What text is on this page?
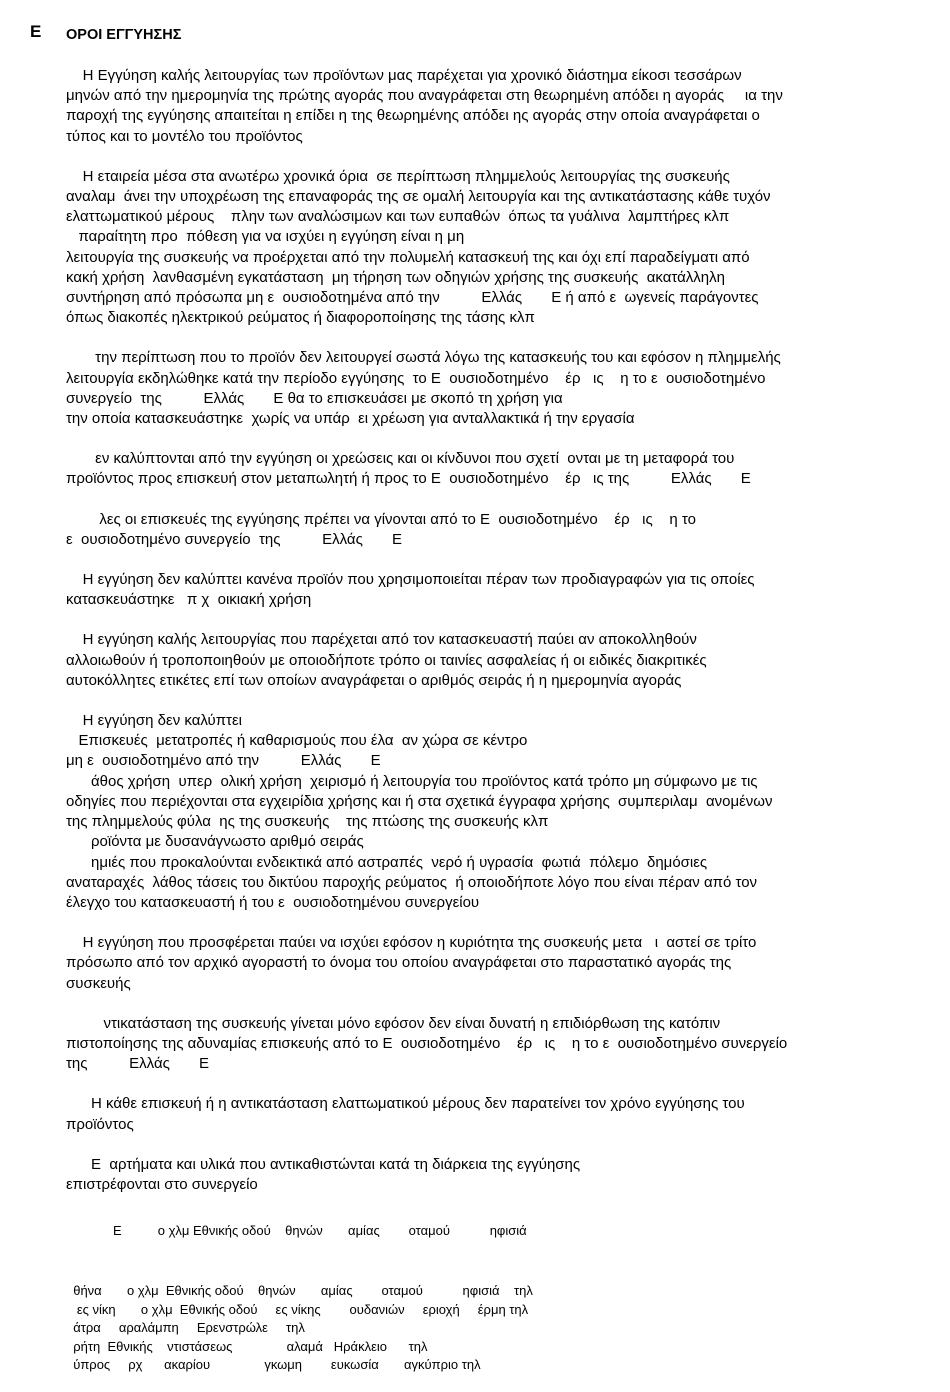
Ε ΟΡΟΙ ΕΓΓΥΗΣΗΣ

Η Εγγύηση καλής λειτουργίας των προϊόντων μας παρέχεται για χρονικό διάστημα είκοσι τεσσάρων

μηνών από την ημερομηνία της πρώτης αγοράς που αναγράφεται στη θεωρημένη απόδει η αγοράς     ια την

παροχή της εγγύησης απαιτείται η επίδει η της θεωρημένης απόδει ης αγοράς στην οποία αναγράφεται ο

τύπος και το μοντέλο του προϊόντος

Η εταιρεία μέσα στα ανωτέρω χρονικά όρια  σε περίπτωση πλημμελούς λειτουργίας της συσκευής

αναλαμ  άνει την υποχρέωση της επαναφοράς της σε ομαλή λειτουργία και της αντικατάστασης κάθε τυχόν

ελαττωματικού μέρους    πλην των αναλώσιμων και των ευπαθών  όπως τα γυάλινα  λαμπτήρες κλπ

παραίτητη προ  πόθεση για να ισχύει η εγγύηση είναι η μη

λειτουργία της συσκευής να προέρχεται από την πολυμελή κατασκευή της και όχι επί παραδείγματι από

κακή χρήση  λανθασμένη εγκατάσταση  μη τήρηση των οδηγιών χρήσης της συσκευής  ακατάλληλη

συντήρηση από πρόσωπα μη ε  ουσιοδοτημένα από την          Ελλάς       Ε ή από ε  ωγενείς παράγοντες

όπως διακοπές ηλεκτρικού ρεύματος ή διαφοροποίησης της τάσης κλπ

την περίπτωση που το προϊόν δεν λειτουργεί σωστά λόγω της κατασκευής του και εφόσον η πλημμελής

λειτουργία εκδηλώθηκε κατά την περίοδο εγγύησης  το Ε  ουσιοδοτημένο    έρ   ις    η το ε  ουσιοδοτημένο

συνεργείο  της          Ελλάς       Ε θα το επισκευάσει με σκοπό τη χρήση για

την οποία κατασκευάστηκε  χωρίς να υπάρ  ει χρέωση για ανταλλακτικά ή την εργασία

εν καλύπτονται από την εγγύηση οι χρεώσεις και οι κίνδυνοι που σχετί  ονται με τη μεταφορά του

προϊόντος προς επισκευή στον μεταπωλητή ή προς το Ε  ουσιοδοτημένο    έρ   ις της          Ελλάς       Ε

λες οι επισκευές της εγγύησης πρέπει να γίνονται από το Ε  ουσιοδοτημένο    έρ   ις    η το

ε  ουσιοδοτημένο συνεργείο  της          Ελλάς       Ε

Η εγγύηση δεν καλύπτει κανένα προϊόν που χρησιμοποιείται πέραν των προδιαγραφών για τις οποίες

κατασκευάστηκε   π χ  οικιακή χρήση

Η εγγύηση καλής λειτουργίας που παρέχεται από τον κατασκευαστή παύει αν αποκολληθούν

αλλοιωθούν ή τροποποιηθούν με οποιοδήποτε τρόπο οι ταινίες ασφαλείας ή οι ειδικές διακριτικές

αυτοκόλλητες ετικέτες επί των οποίων αναγράφεται ο αριθμός σειράς ή η ημερομηνία αγοράς

Η εγγύηση δεν καλύπτει

Επισκευές  μετατροπές ή καθαρισμούς που έλα  αν χώρα σε κέντρο

μη ε  ουσιοδοτημένο από την          Ελλάς       Ε

άθος χρήση  υπερ  ολική χρήση  χειρισμό ή λειτουργία του προϊόντος κατά τρόπο μη σύμφωνο με τις

οδηγίες που περιέχονται στα εγχειρίδια χρήσης και ή στα σχετικά έγγραφα χρήσης  συμπεριλαμ  ανομένων

της πλημμελούς φύλα  ης της συσκευής    της πτώσης της συσκευής κλπ

ροϊόντα με δυσανάγνωστο αριθμό σειράς

ημιές που προκαλούνται ενδεικτικά από αστραπές  νερό ή υγρασία  φωτιά  πόλεμο  δημόσιες

αναταραχές  λάθος τάσεις του δικτύου παροχής ρεύματος  ή οποιοδήποτε λόγο που είναι πέραν από τον

έλεγχο του κατασκευαστή ή του ε  ουσιοδοτημένου συνεργείου

Η εγγύηση που προσφέρεται παύει να ισχύει εφόσον η κυριότητα της συσκευής μετα   ι  αστεί σε τρίτο

πρόσωπο από τον αρχικό αγοραστή το όνομα του οποίου αναγράφεται στο παραστατικό αγοράς της

συσκευής

ντικατάσταση της συσκευής γίνεται μόνο εφόσον δεν είναι δυνατή η επιδιόρθωση της κατόπιν

πιστοποίησης της αδυναμίας επισκευής από το Ε  ουσιοδοτημένο    έρ   ις    η το ε  ουσιοδοτημένο συνεργείο

της          Ελλάς       Ε

Η κάθε επισκευή ή η αντικατάσταση ελαττωματικού μέρους δεν παρατείνει τον χρόνο εγγύησης του

προϊόντος

Ε  αρτήματα και υλικά που αντικαθιστώνται κατά τη διάρκεια της εγγύησης

επιστρέφονται στο συνεργείο

Ε          ο χλμ Εθνικής οδού    θηνών       αμίας        οταμού           ηφισιά

θήνα       ο χλμ  Εθνικής οδού    θηνών       αμίας        οταμού           ηφισιά    τηλ

ες νίκη       ο χλμ  Εθνικής οδού     ες νίκης        ουδανιών     εριοχή     έρμη τηλ

άτρα     αραλάμπη     Ερενστρώλε     τηλ

ρήτη  Εθνικής    ντιστάσεως               αλαμά   Ηράκλειο      τηλ

ύπρος     ρχ      ακαρίου               γκωμη        ευκωσία       αγκύπριο τηλ
